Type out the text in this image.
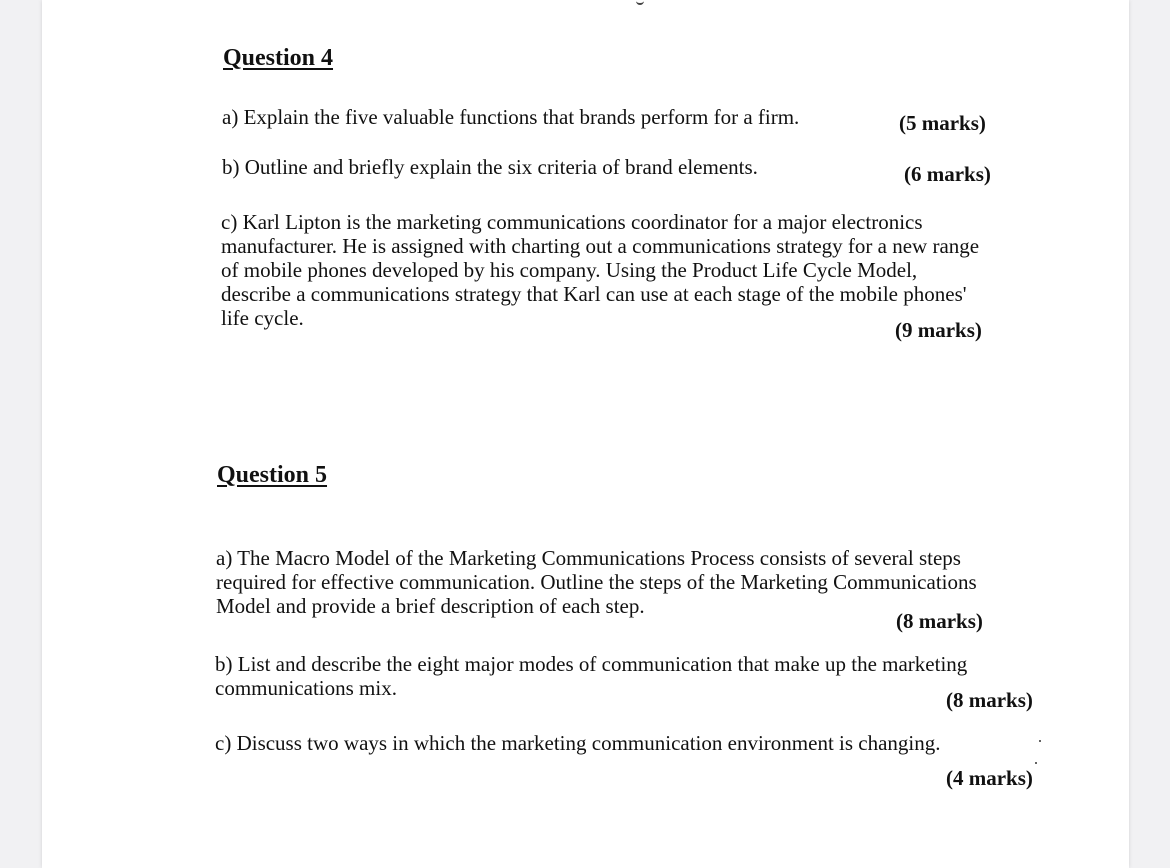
Question 4

a) Explain the five valuable functions that brands perform for a firm.	(5 marks)

b) Outline and briefly explain the six criteria of brand elements.	(6 marks)

c) Karl Lipton is the marketing communications coordinator for a major electronics
manufacturer. He is assigned with charting out a communications strategy for a new range
of mobile phones developed by his company. Using the Product Life Cycle Model,
describe a communications strategy that Karl can use at each stage of the mobile phones'
life cycle.	(9 marks)
Question 5

a) The Macro Model of the Marketing Communications Process consists of several steps
required for effective communication. Outline the steps of the Marketing Communications
Model and provide a brief description of each step.

(8 marks)

b) List and describe the eight major modes of communication that make up the marketing
communications mix.	(8 marks)

c) Discuss two ways in which the marketing communication environment is changing.

(4 marks)
